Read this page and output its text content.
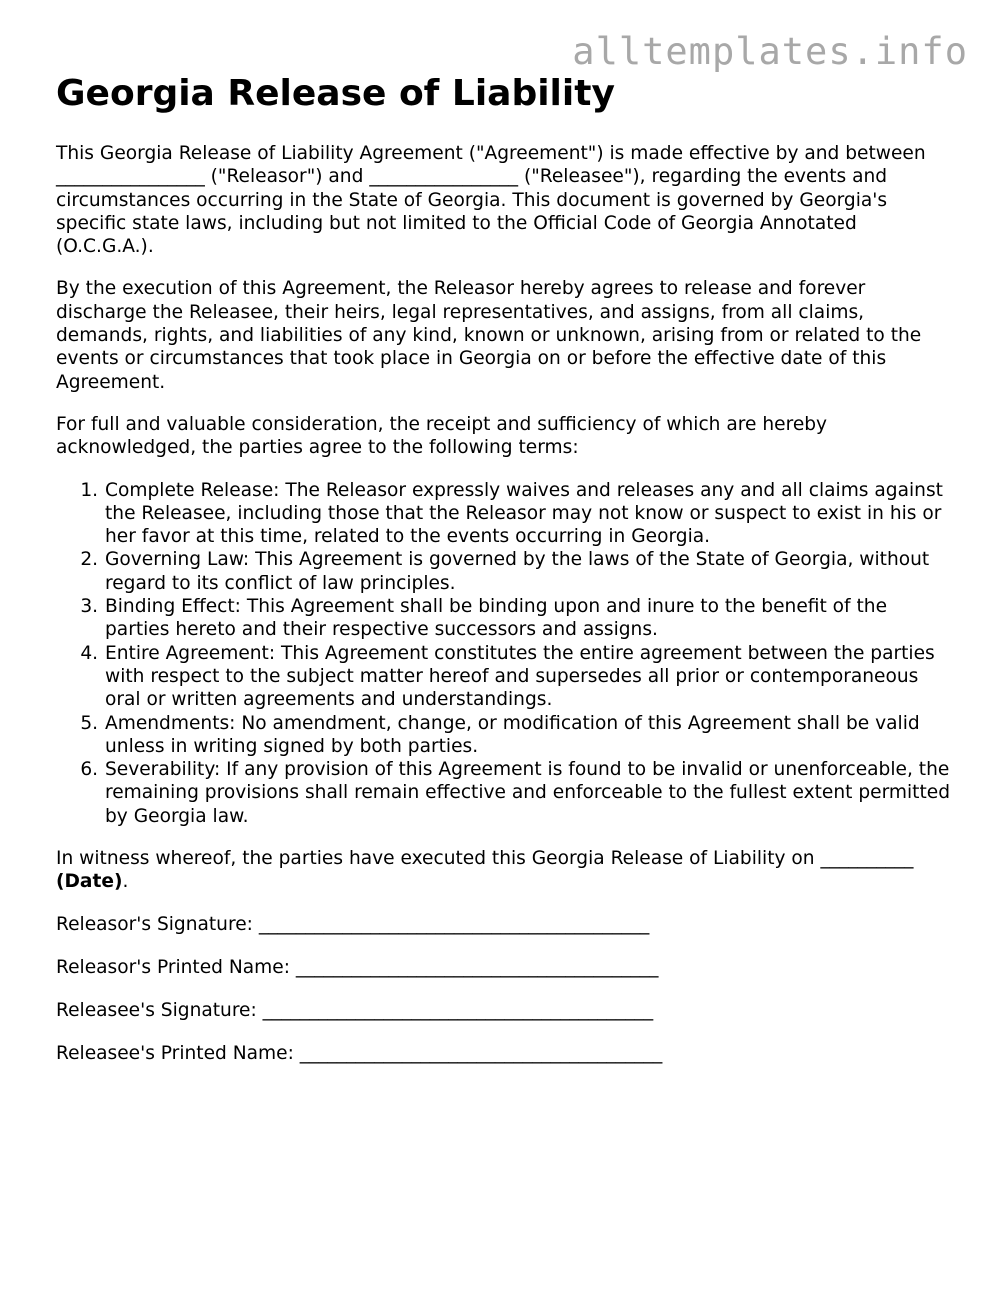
alltemplates.info
Georgia Release of Liability

This Georgia Release of Liability Agreement ("Agreement") is made effective by and between ________________ ("Releasor") and ________________ ("Releasee"), regarding the events and circumstances occurring in the State of Georgia. This document is governed by Georgia's specific state laws, including but not limited to the Official Code of Georgia Annotated (O.C.G.A.).

By the execution of this Agreement, the Releasor hereby agrees to release and forever discharge the Releasee, their heirs, legal representatives, and assigns, from all claims, demands, rights, and liabilities of any kind, known or unknown, arising from or related to the events or circumstances that took place in Georgia on or before the effective date of this Agreement.

For full and valuable consideration, the receipt and sufficiency of which are hereby acknowledged, the parties agree to the following terms:

1. Complete Release: The Releasor expressly waives and releases any and all claims against the Releasee, including those that the Releasor may not know or suspect to exist in his or her favor at this time, related to the events occurring in Georgia.
2. Governing Law: This Agreement is governed by the laws of the State of Georgia, without regard to its conflict of law principles.
3. Binding Effect: This Agreement shall be binding upon and inure to the benefit of the parties hereto and their respective successors and assigns.
4. Entire Agreement: This Agreement constitutes the entire agreement between the parties with respect to the subject matter hereof and supersedes all prior or contemporaneous oral or written agreements and understandings.
5. Amendments: No amendment, change, or modification of this Agreement shall be valid unless in writing signed by both parties.
6. Severability: If any provision of this Agreement is found to be invalid or unenforceable, the remaining provisions shall remain effective and enforceable to the fullest extent permitted by Georgia law.

In witness whereof, the parties have executed this Georgia Release of Liability on __________ (Date).

Releasor's Signature: __________________________________________

Releasor's Printed Name: _______________________________________

Releasee's Signature: __________________________________________

Releasee's Printed Name: _______________________________________
